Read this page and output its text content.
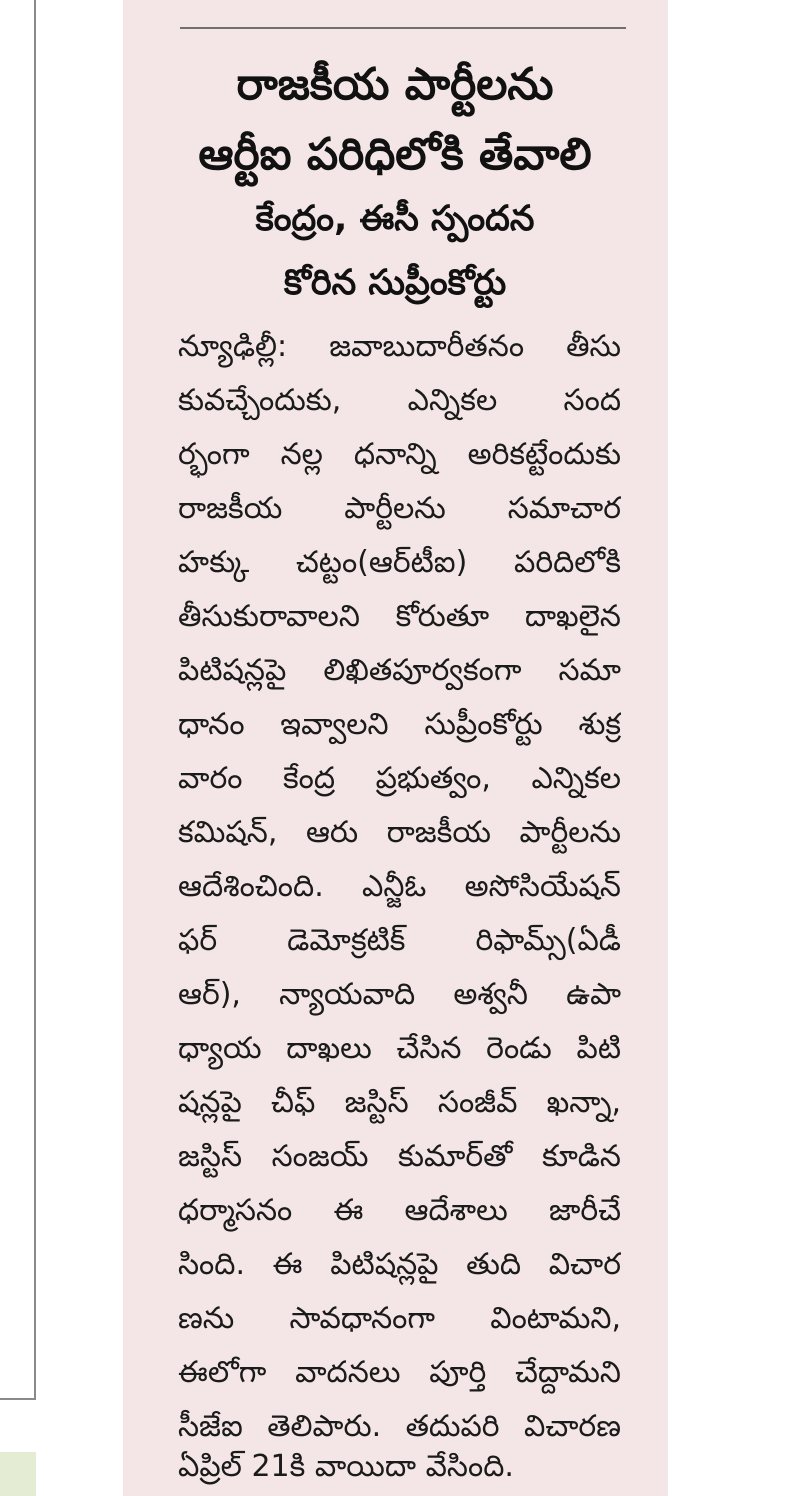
రాజకీయ పార్టీలను
ఆర్టీఐ పరిధిలోకి తేవాలి
కేంద్రం, ఈసీ స్పందన
కోరిన సుప్రీంకోర్టు
న్యూఢిల్లీ: జవాబుదారీతనం తీసు
కువచ్చేందుకు, ఎన్నికల సంద
ర్భంగా నల్ల ధనాన్ని అరికట్టేందుకు
రాజకీయ పార్టీలను సమాచార
హక్కు చట్టం(ఆర్‌టీఐ) పరిదిలోకి
తీసుకురావాలని కోరుతూ దాఖలైన
పిటిషన్లపై లిఖితపూర్వకంగా సమా
ధానం ఇవ్వాలని సుప్రీంకోర్టు శుక్ర
వారం కేంద్ర ప్రభుత్వం, ఎన్నికల
కమిషన్, ఆరు రాజకీయ పార్టీలను
ఆదేశించింది. ఎన్జీఓ అసోసియేషన్
ఫర్ డెమోక్రటిక్ రిఫామ్స్(ఏడీ
ఆర్), న్యాయవాది అశ్వనీ ఉపా
ధ్యాయ దాఖలు చేసిన రెండు పిటి
షన్లపై చీఫ్ జస్టిస్ సంజీవ్ ఖన్నా,
జస్టిస్ సంజయ్ కుమార్‌తో కూడిన
ధర్మాసనం ఈ ఆదేశాలు జారీచే
సింది. ఈ పిటిషన్లపై తుది విచార
ణను సావధానంగా వింటామని,
ఈలోగా వాదనలు పూర్తి చేద్దామని
సీజేఐ తెలిపారు. తదుపరి విచారణ
ఏప్రిల్ 21కి వాయిదా వేసింది.
